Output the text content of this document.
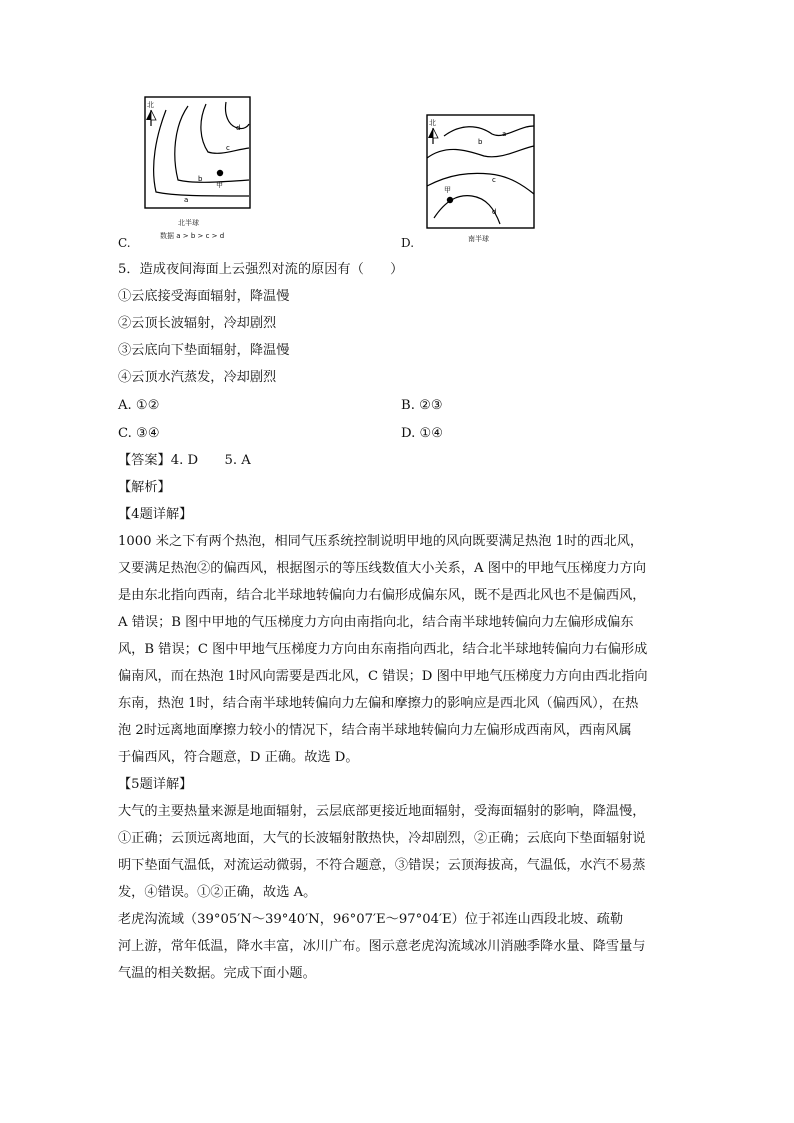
北
甲
a
b
c
d
北半球
数据 a > b > c > d
C.
北
甲
a
b
c
d
南半球
D.
5．造成夜间海面上云强烈对流的原因有（　　）
①云底接受海面辐射，降温慢
②云顶长波辐射，冷却剧烈
③云底向下垫面辐射，降温慢
④云顶水汽蒸发，冷却剧烈
A. ①②	B. ②③
C. ③④	D. ①④
【答案】4. D　　5. A
【解析】
【4题详解】
1000 米之下有两个热泡，相同气压系统控制说明甲地的风向既要满足热泡 1时的西北风，
又要满足热泡②的偏西风，根据图示的等压线数值大小关系，A 图中的甲地气压梯度力方向
是由东北指向西南，结合北半球地转偏向力右偏形成偏东风，既不是西北风也不是偏西风，
A 错误；B 图中甲地的气压梯度力方向由南指向北，结合南半球地转偏向力左偏形成偏东
风，B 错误；C 图中甲地气压梯度力方向由东南指向西北，结合北半球地转偏向力右偏形成
偏南风，而在热泡 1时风向需要是西北风，C 错误；D 图中甲地气压梯度力方向由西北指向
东南，热泡 1时，结合南半球地转偏向力左偏和摩擦力的影响应是西北风（偏西风），在热
泡 2时远离地面摩擦力较小的情况下，结合南半球地转偏向力左偏形成西南风，西南风属
于偏西风，符合题意，D 正确。故选 D。
【5题详解】
大气的主要热量来源是地面辐射，云层底部更接近地面辐射，受海面辐射的影响，降温慢，
①正确；云顶远离地面，大气的长波辐射散热快，冷却剧烈，②正确；云底向下垫面辐射说
明下垫面气温低，对流运动微弱，不符合题意，③错误；云顶海拔高，气温低，水汽不易蒸
发，④错误。①②正确，故选 A。
老虎沟流域（39°05′N～39°40′N，96°07′E～97°04′E）位于祁连山西段北坡、疏勒
河上游，常年低温，降水丰富，冰川广布。图示意老虎沟流域冰川消融季降水量、降雪量与
气温的相关数据。完成下面小题。
